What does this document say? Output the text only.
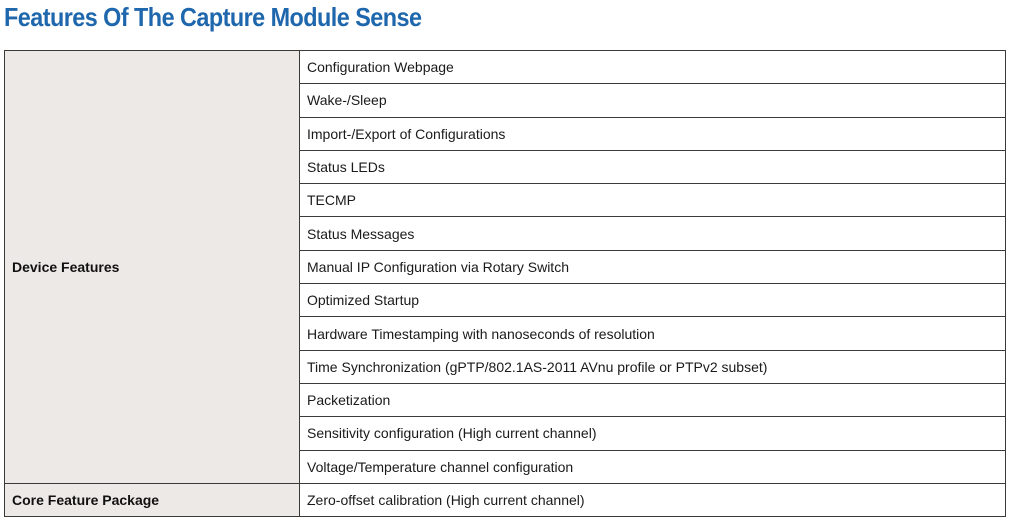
Features Of The Capture Module Sense
Device Features	Configuration Webpage
	Wake-/Sleep
	Import-/Export of Configurations
	Status LEDs
	TECMP
	Status Messages
	Manual IP Configuration via Rotary Switch
	Optimized Startup
	Hardware Timestamping with nanoseconds of resolution
	Time Synchronization (gPTP/802.1AS-2011 AVnu profile or PTPv2 subset)
	Packetization
	Sensitivity configuration (High current channel)
	Voltage/Temperature channel configuration
Core Feature Package	Zero-offset calibration (High current channel)
